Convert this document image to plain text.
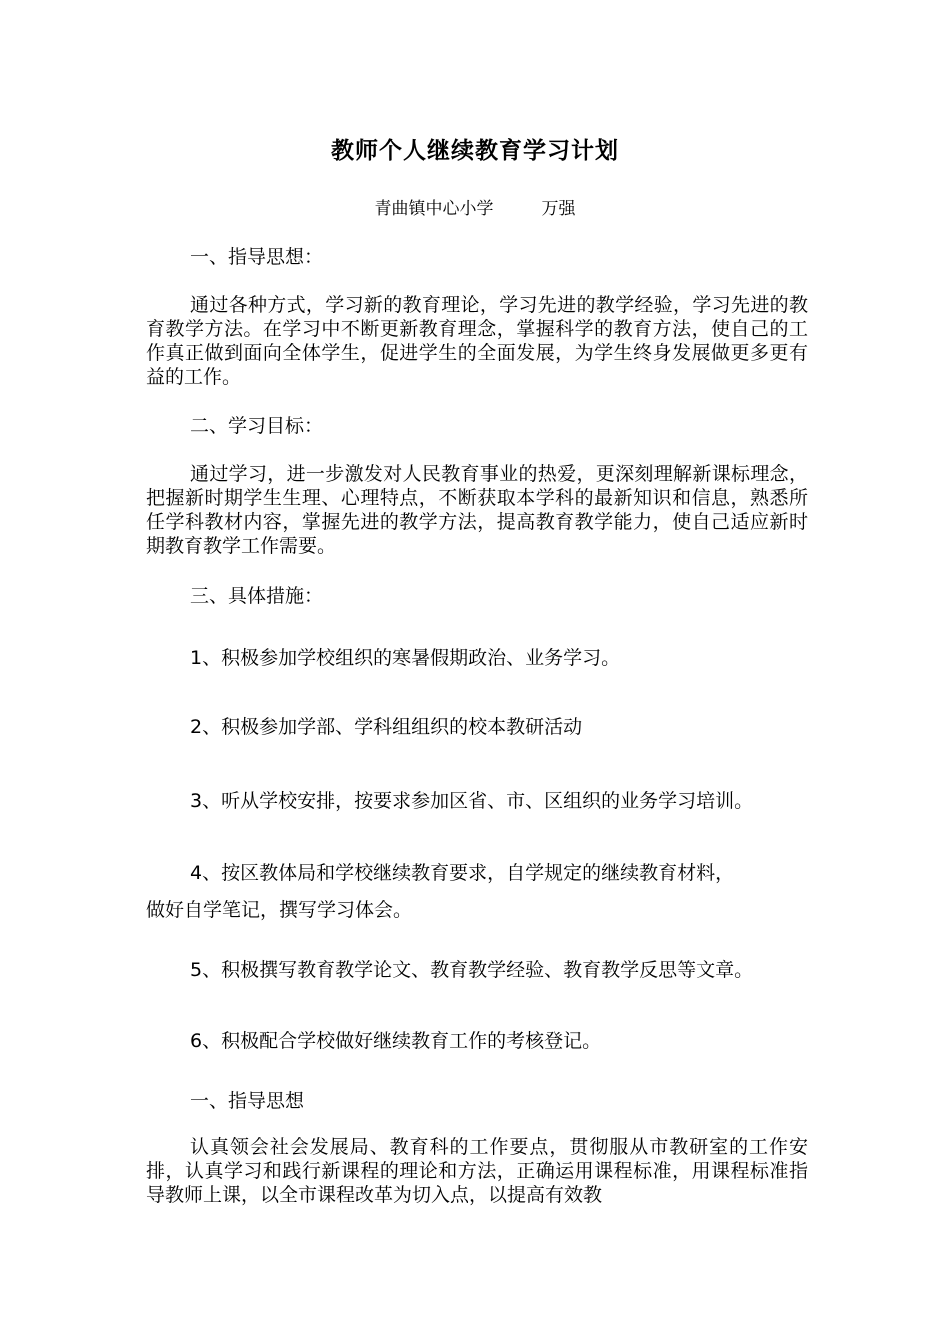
教师个人继续教育学习计划
青曲镇中心小学	万强
一、指导思想：

通过各种方式，学习新的教育理论，学习先进的教学经验，学习先进的教育教学方法。在学习中不断更新教育理念，掌握科学的教育方法，使自己的工作真正做到面向全体学生，促进学生的全面发展，为学生终身发展做更多更有益的工作。

二、学习目标：

通过学习，进一步激发对人民教育事业的热爱，更深刻理解新课标理念，把握新时期学生生理、心理特点，不断获取本学科的最新知识和信息，熟悉所任学科教材内容，掌握先进的教学方法，提高教育教学能力，使自己适应新时期教育教学工作需要。

三、具体措施：
1、积极参加学校组织的寒暑假期政治、业务学习。
2、积极参加学部、学科组组织的校本教研活动
3、听从学校安排，按要求参加区省、市、区组织的业务学习培训。
4、按区教体局和学校继续教育要求，自学规定的继续教育材料，
做好自学笔记，撰写学习体会。
5、积极撰写教育教学论文、教育教学经验、教育教学反思等文章。
6、积极配合学校做好继续教育工作的考核登记。
一、指导思想

认真领会社会发展局、教育科的工作要点，贯彻服从市教研室的工作安排，认真学习和践行新课程的理论和方法，正确运用课程标准，用课程标准指导教师上课，以全市课程改革为切入点，以提高有效教
